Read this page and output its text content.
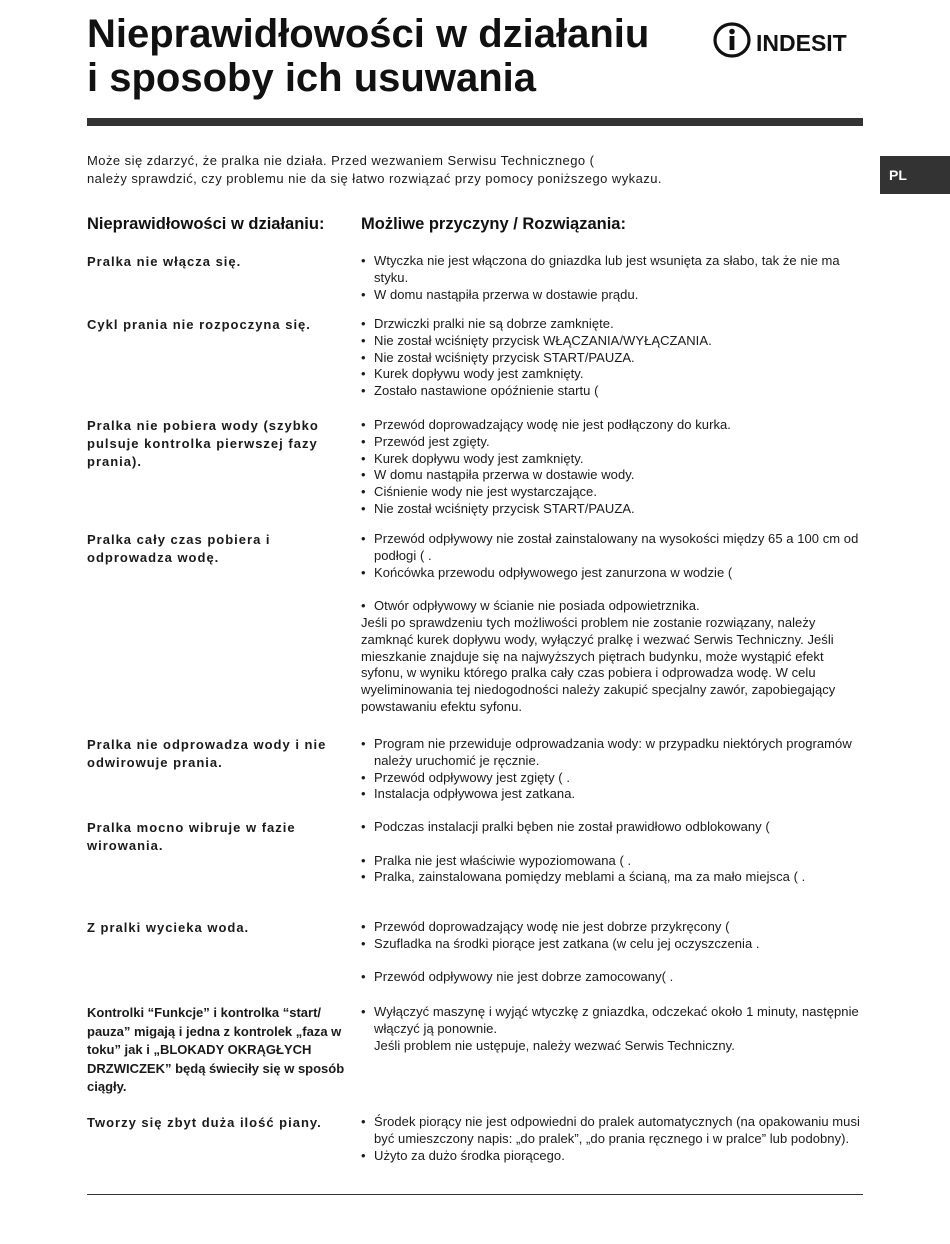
Nieprawidłowości w działaniu
i sposoby ich usuwania
INDESIT
PL

Może się zdarzyć, że pralka nie działa. Przed wezwaniem Serwisu Technicznego (

należy sprawdzić, czy problemu nie da się łatwo rozwiązać przy pomocy poniższego wykazu.

Nieprawidłowości w działaniu: Możliwe przyczyny / Rozwiązania:

Pralka nie włącza się.	• Wtyczka nie jest włączona do gniazdka lub jest wsunięta za słabo, tak że nie ma styku.
• W domu nastąpiła przerwa w dostawie prądu.

Cykl prania nie rozpoczyna się.	• Drzwiczki pralki nie są dobrze zamknięte.
• Nie został wciśnięty przycisk WŁĄCZANIA/WYŁĄCZANIA.
• Nie został wciśnięty przycisk START/PAUZA.
• Kurek dopływu wody jest zamknięty.
• Zostało nastawione opóźnienie startu (

Pralka nie pobiera wody (szybko pulsuje kontrolka pierwszej fazy prania).

• Przewód doprowadzający wodę nie jest podłączony do kurka.
• Przewód jest zgięty.
• Kurek dopływu wody jest zamknięty.
• W domu nastąpiła przerwa w dostawie wody.
• Ciśnienie wody nie jest wystarczające.
• Nie został wciśnięty przycisk START/PAUZA.

Pralka cały czas pobiera i odprowadza wodę.

• Przewód odpływowy nie został zainstalowany na wysokości między 65 a 100 cm od podłogi ( .
• Końcówka przewodu odpływowego jest zanurzona w wodzie (
• Otwór odpływowy w ścianie nie posiada odpowietrznika.
Jeśli po sprawdzeniu tych możliwości problem nie zostanie rozwiązany, należy zamknąć kurek dopływu wody, wyłączyć pralkę i wezwać Serwis Techniczny. Jeśli mieszkanie znajduje się na najwyższych piętrach budynku, może wystąpić efekt syfonu, w wyniku którego pralka cały czas pobiera i odprowadza wodę. W celu wyeliminowania tej niedogodności należy zakupić specjalny zawór, zapobiegający powstawaniu efektu syfonu.

Pralka nie odprowadza wody i nie odwirowuje prania.

• Program nie przewiduje odprowadzania wody: w przypadku niektórych programów należy uruchomić je ręcznie.
• Przewód odpływowy jest zgięty ( .
• Instalacja odpływowa jest zatkana.

Pralka mocno wibruje w fazie wirowania.

• Podczas instalacji pralki bęben nie został prawidłowo odblokowany (
• Pralka nie jest właściwie wypoziomowana ( .
• Pralka, zainstalowana pomiędzy meblami a ścianą, ma za mało miejsca ( .

Z pralki wycieka woda.	• Przewód doprowadzający wodę nie jest dobrze przykręcony (
• Szufladka na środki piorące jest zatkana (w celu jej oczyszczenia .
• Przewód odpływowy nie jest dobrze zamocowany( .

Kontrolki “Funkcje” i kontrolka “start/ pauza” migają i jedna z kontrolek „faza w toku” jak i „BLOKADY OKRĄGŁYCH DRZWICZEK” będą świeciły się w sposób ciągły.

• Wyłączyć maszynę i wyjąć wtyczkę z gniazdka, odczekać około 1 minuty, następnie włączyć ją ponownie.
Jeśli problem nie ustępuje, należy wezwać Serwis Techniczny.

Tworzy się zbyt duża ilość piany.	• Środek piorący nie jest odpowiedni do pralek automatycznych (na opakowaniu musi być umieszczony napis: „do pralek”, „do prania ręcznego i w pralce” lub podobny).
• Użyto za dużo środka piorącego.
